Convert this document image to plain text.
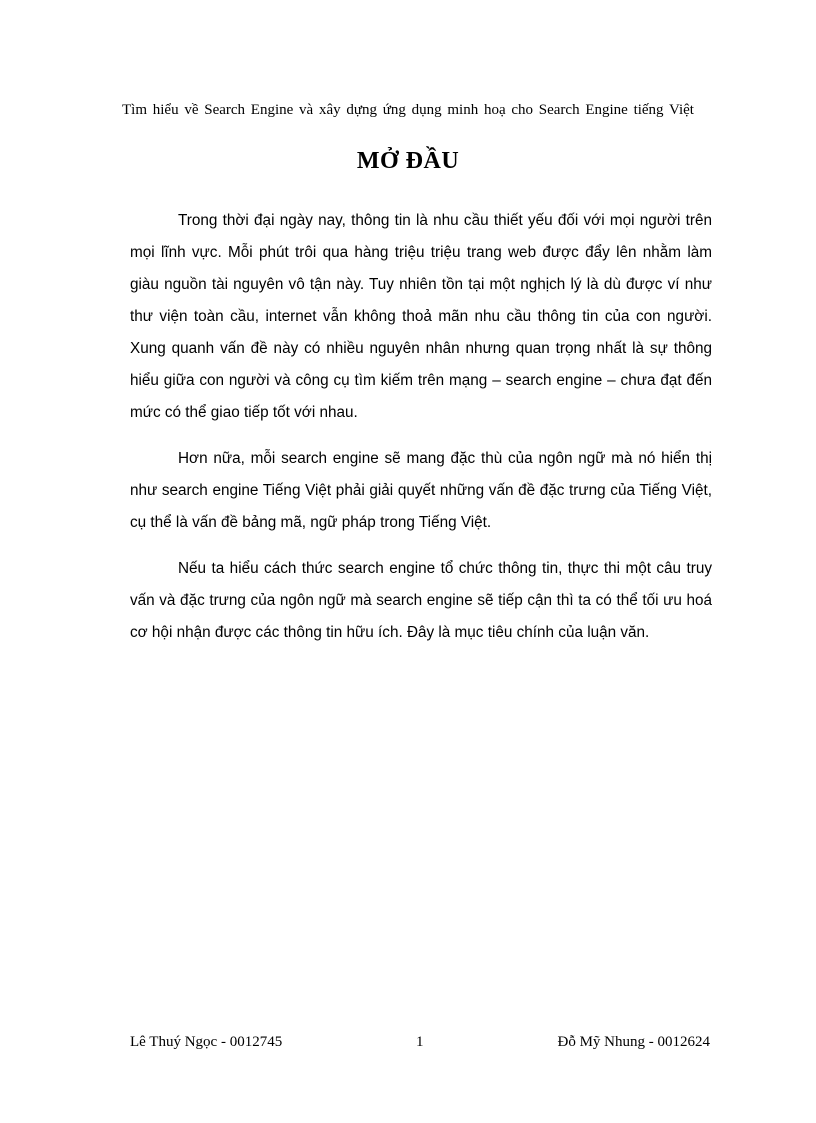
Tìm hiểu về Search Engine và xây dựng ứng dụng minh hoạ cho Search Engine tiếng Việt
MỞ ĐẦU

Trong thời đại ngày nay, thông tin là nhu cầu thiết yếu đối với mọi người trên mọi lĩnh vực. Mỗi phút trôi qua hàng triệu triệu trang web được đẩy lên nhằm làm giàu nguồn tài nguyên vô tận này. Tuy nhiên tồn tại một nghịch lý là dù được ví như thư viện toàn cầu, internet vẫn không thoả mãn nhu cầu thông tin của con người. Xung quanh vấn đề này có nhiều nguyên nhân nhưng quan trọng nhất là sự thông hiểu giữa con người và công cụ tìm kiếm trên mạng – search engine – chưa đạt đến mức có thể giao tiếp tốt với nhau.

Hơn nữa, mỗi search engine sẽ mang đặc thù của ngôn ngữ mà nó hiển thị như search engine Tiếng Việt phải giải quyết những vấn đề đặc trưng của Tiếng Việt, cụ thể là vấn đề bảng mã, ngữ pháp trong Tiếng Việt.

Nếu ta hiểu cách thức search engine tổ chức thông tin, thực thi một câu truy vấn và đặc trưng của ngôn ngữ mà search engine sẽ tiếp cận thì ta có thể tối ưu hoá cơ hội nhận được các thông tin hữu ích. Đây là mục tiêu chính của luận văn.

Lê Thuý Ngọc - 0012745	1	Đỗ Mỹ Nhung - 0012624
